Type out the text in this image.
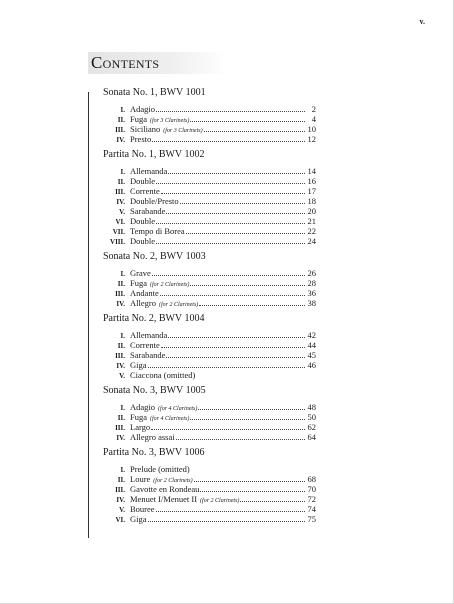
v.
Contents
Sonata No. 1, BWV 1001
I. Adagio	2
II. Fuga (for 3 Clarinets)	4
III. Siciliano (for 3 Clarinets)	10
IV. Presto	12
Partita No. 1, BWV 1002
I. Allemanda	14
II. Double	16
III. Corrente	17
IV. Double/Presto	18
V. Sarabande	20
VI. Double	21
VII. Tempo di Borea	22
VIII. Double	24
Sonata No. 2, BWV 1003
I. Grave	26
II. Fuga (for 2 Clarinets)	28
III. Andante	36
IV. Allegro (for 2 Clarinets)	38
Partita No. 2, BWV 1004
I. Allemanda	42
II. Corrente	44
III. Sarabande	45
IV. Giga	46
V. Ciaccona (omitted)
Sonata No. 3, BWV 1005
I. Adagio (for 4 Clarinets)	48
II. Fuga (for 4 Clarinets)	50
III. Largo	62
IV. Allegro assai	64
Partita No. 3, BWV 1006
I. Prelude (omitted)
II. Loure (for 2 Clarinets)	68
III. Gavotte en Rondeau	70
IV. Menuet I/Menuet II (for 2 Clarinets)	72
V. Bouree	74
VI. Giga	75
